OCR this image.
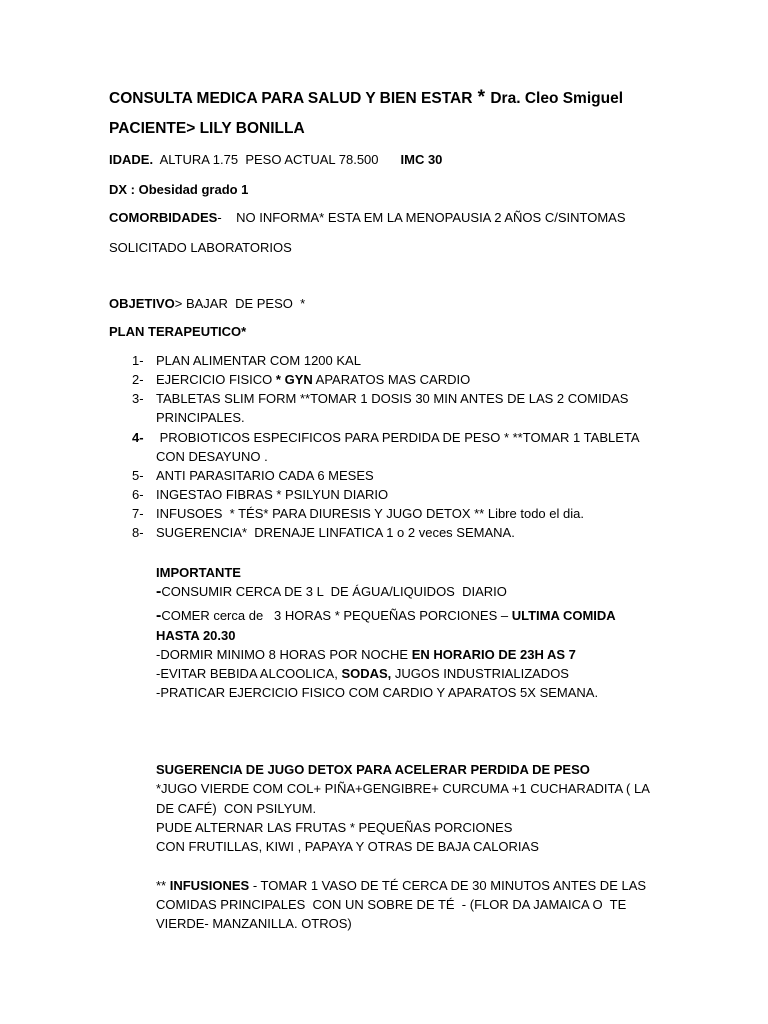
CONSULTA MEDICA PARA SALUD Y BIEN ESTAR * Dra. Cleo Smiguel
PACIENTE> LILY BONILLA
IDADE.  ALTURA 1.75  PESO ACTUAL 78.500 IMC 30
DX : Obesidad grado 1
COMORBIDADES-    NO INFORMA* ESTA EM LA MENOPAUSIA 2 AÑOS C/SINTOMAS
SOLICITADO LABORATORIOS
OBJETIVO> BAJAR  DE PESO  *
PLAN TERAPEUTICO*
1- PLAN ALIMENTAR COM 1200 KAL
2- EJERCICIO FISICO * GYN APARATOS MAS CARDIO
3- TABLETAS SLIM FORM **TOMAR 1 DOSIS 30 MIN ANTES DE LAS 2 COMIDAS
PRINCIPALES.
4- PROBIOTICOS ESPECIFICOS PARA PERDIDA DE PESO * **TOMAR 1 TABLETA
CON DESAYUNO .
5- ANTI PARASITARIO CADA 6 MESES
6- INGESTAO FIBRAS * PSILYUN DIARIO
7- INFUSOES  * TÉS* PARA DIURESIS Y JUGO DETOX ** Libre todo el dia.
8- SUGERENCIA*  DRENAJE LINFATICA 1 o 2 veces SEMANA.
IMPORTANTE
-CONSUMIR CERCA DE 3 L  DE ÁGUA/LIQUIDOS  DIARIO
-COMER cerca de   3 HORAS * PEQUEÑAS PORCIONES – ULTIMA COMIDA
HASTA 20.30
-DORMIR MINIMO 8 HORAS POR NOCHE EN HORARIO DE 23H AS 7
-EVITAR BEBIDA ALCOOLICA, SODAS, JUGOS INDUSTRIALIZADOS
-PRATICAR EJERCICIO FISICO COM CARDIO Y APARATOS 5X SEMANA.
SUGERENCIA DE JUGO DETOX PARA ACELERAR PERDIDA DE PESO
*JUGO VIERDE COM COL+ PIÑA+GENGIBRE+ CURCUMA +1 CUCHARADITA ( LA
DE CAFÉ)  CON PSILYUM.
PUDE ALTERNAR LAS FRUTAS * PEQUEÑAS PORCIONES
CON FRUTILLAS, KIWI , PAPAYA Y OTRAS DE BAJA CALORIAS
** INFUSIONES - TOMAR 1 VASO DE TÉ CERCA DE 30 MINUTOS ANTES DE LAS
COMIDAS PRINCIPALES  CON UN SOBRE DE TÉ  - (FLOR DA JAMAICA O  TE
VIERDE- MANZANILLA. OTROS)
